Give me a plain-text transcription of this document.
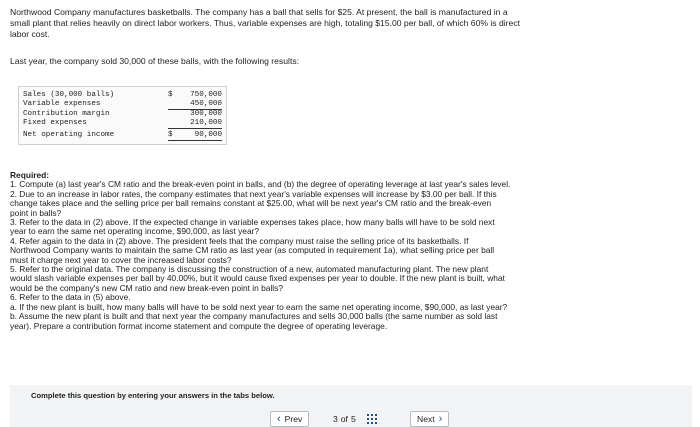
Northwood Company manufactures basketballs. The company has a ball that sells for $25. At present, the ball is manufactured in a
small plant that relies heavily on direct labor workers. Thus, variable expenses are high, totaling $15.00 per ball, of which 60% is direct
labor cost.
Last year, the company sold 30,000 of these balls, with the following results:
Sales (30,000 balls)	$	750,000
Variable expenses	450,000
Contribution margin	300,000
Fixed expenses	210,000
Net operating income	$	90,000
Required:
1. Compute (a) last year's CM ratio and the break-even point in balls, and (b) the degree of operating leverage at last year's sales level.
2. Due to an increase in labor rates, the company estimates that next year's variable expenses will increase by $3.00 per ball. If this
change takes place and the selling price per ball remains constant at $25.00, what will be next year's CM ratio and the break-even
point in balls?
3. Refer to the data in (2) above. If the expected change in variable expenses takes place, how many balls will have to be sold next
year to earn the same net operating income, $90,000, as last year?
4. Refer again to the data in (2) above. The president feels that the company must raise the selling price of its basketballs. If
Northwood Company wants to maintain the same CM ratio as last year (as computed in requirement 1a), what selling price per ball
must it charge next year to cover the increased labor costs?
5. Refer to the original data. The company is discussing the construction of a new, automated manufacturing plant. The new plant
would slash variable expenses per ball by 40.00%, but it would cause fixed expenses per year to double. If the new plant is built, what
would be the company's new CM ratio and new break-even point in balls?
6. Refer to the data in (5) above.
a. If the new plant is built, how many balls will have to be sold next year to earn the same net operating income, $90,000, as last year?
b. Assume the new plant is built and that next year the company manufactures and sells 30,000 balls (the same number as sold last
year). Prepare a contribution format income statement and compute the degree of operating leverage.
Complete this question by entering your answers in the tabs below.
‹ Prev	3 of 5	Next ›
